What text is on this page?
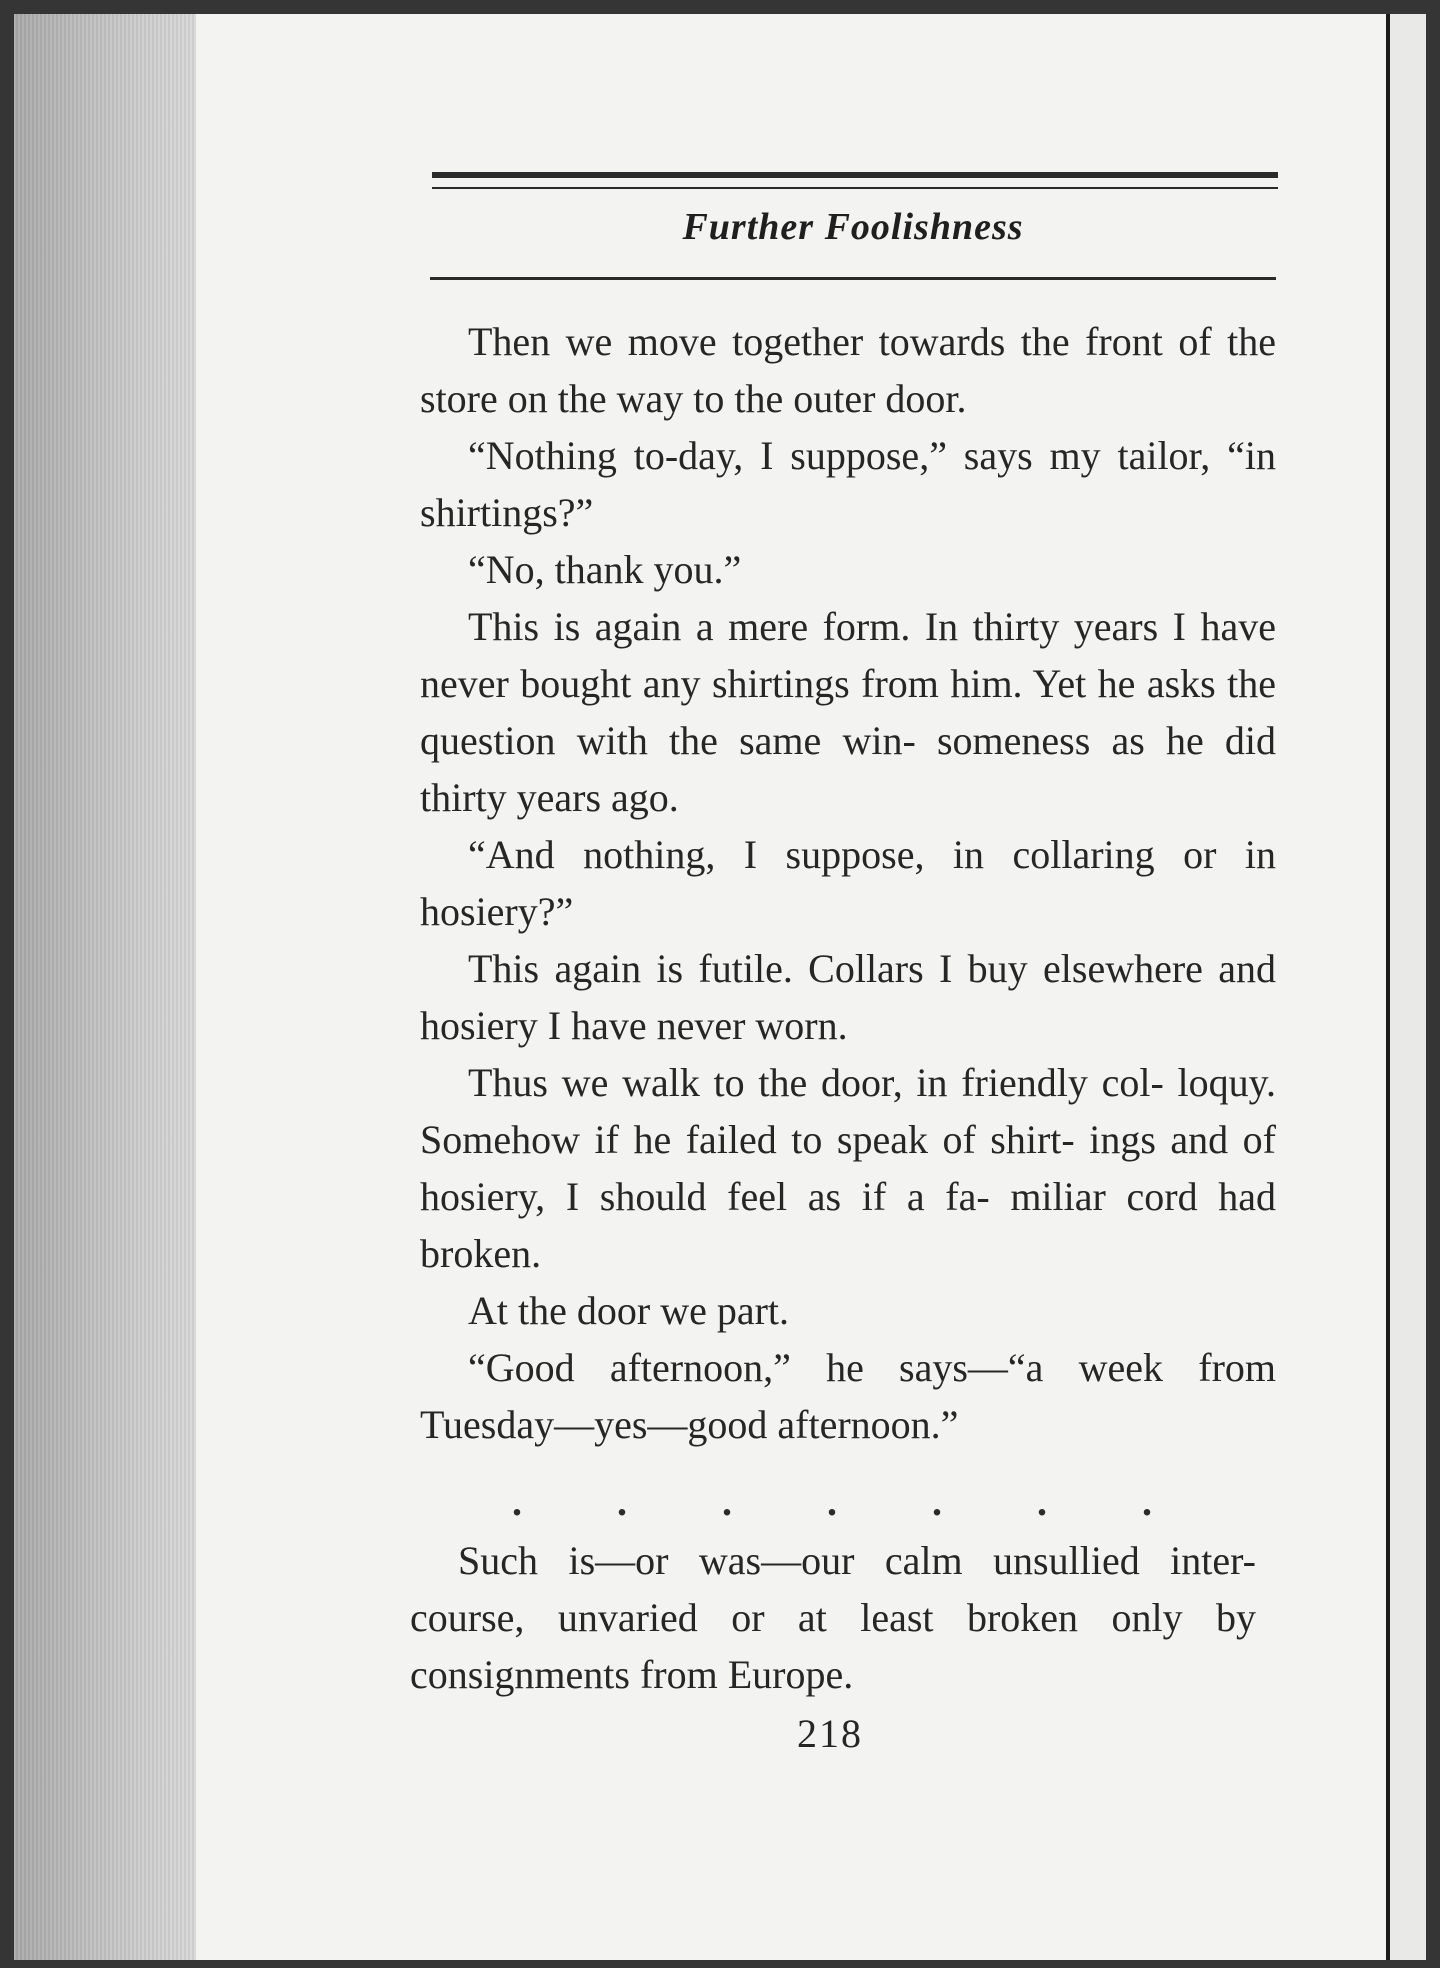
Further Foolishness

Then we move together towards the front of the store on the way to the outer door.

“Nothing to-day, I suppose,” says my tailor, “in shirtings?”

“No, thank you.”

This is again a mere form. In thirty years I have never bought any shirtings from him. Yet he asks the question with the same win- someness as he did thirty years ago.

“And nothing, I suppose, in collaring or in hosiery?”

This again is futile. Collars I buy elsewhere and hosiery I have never worn.

Thus we walk to the door, in friendly col- loquy. Somehow if he failed to speak of shirt- ings and of hosiery, I should feel as if a fa- miliar cord had broken.

At the door we part.

“Good afternoon,” he says—“a week from Tuesday—yes—good afternoon.”

. . . . . . .

Such is—or was—our calm unsullied inter- course, unvaried or at least broken only by consignments from Europe.

218
